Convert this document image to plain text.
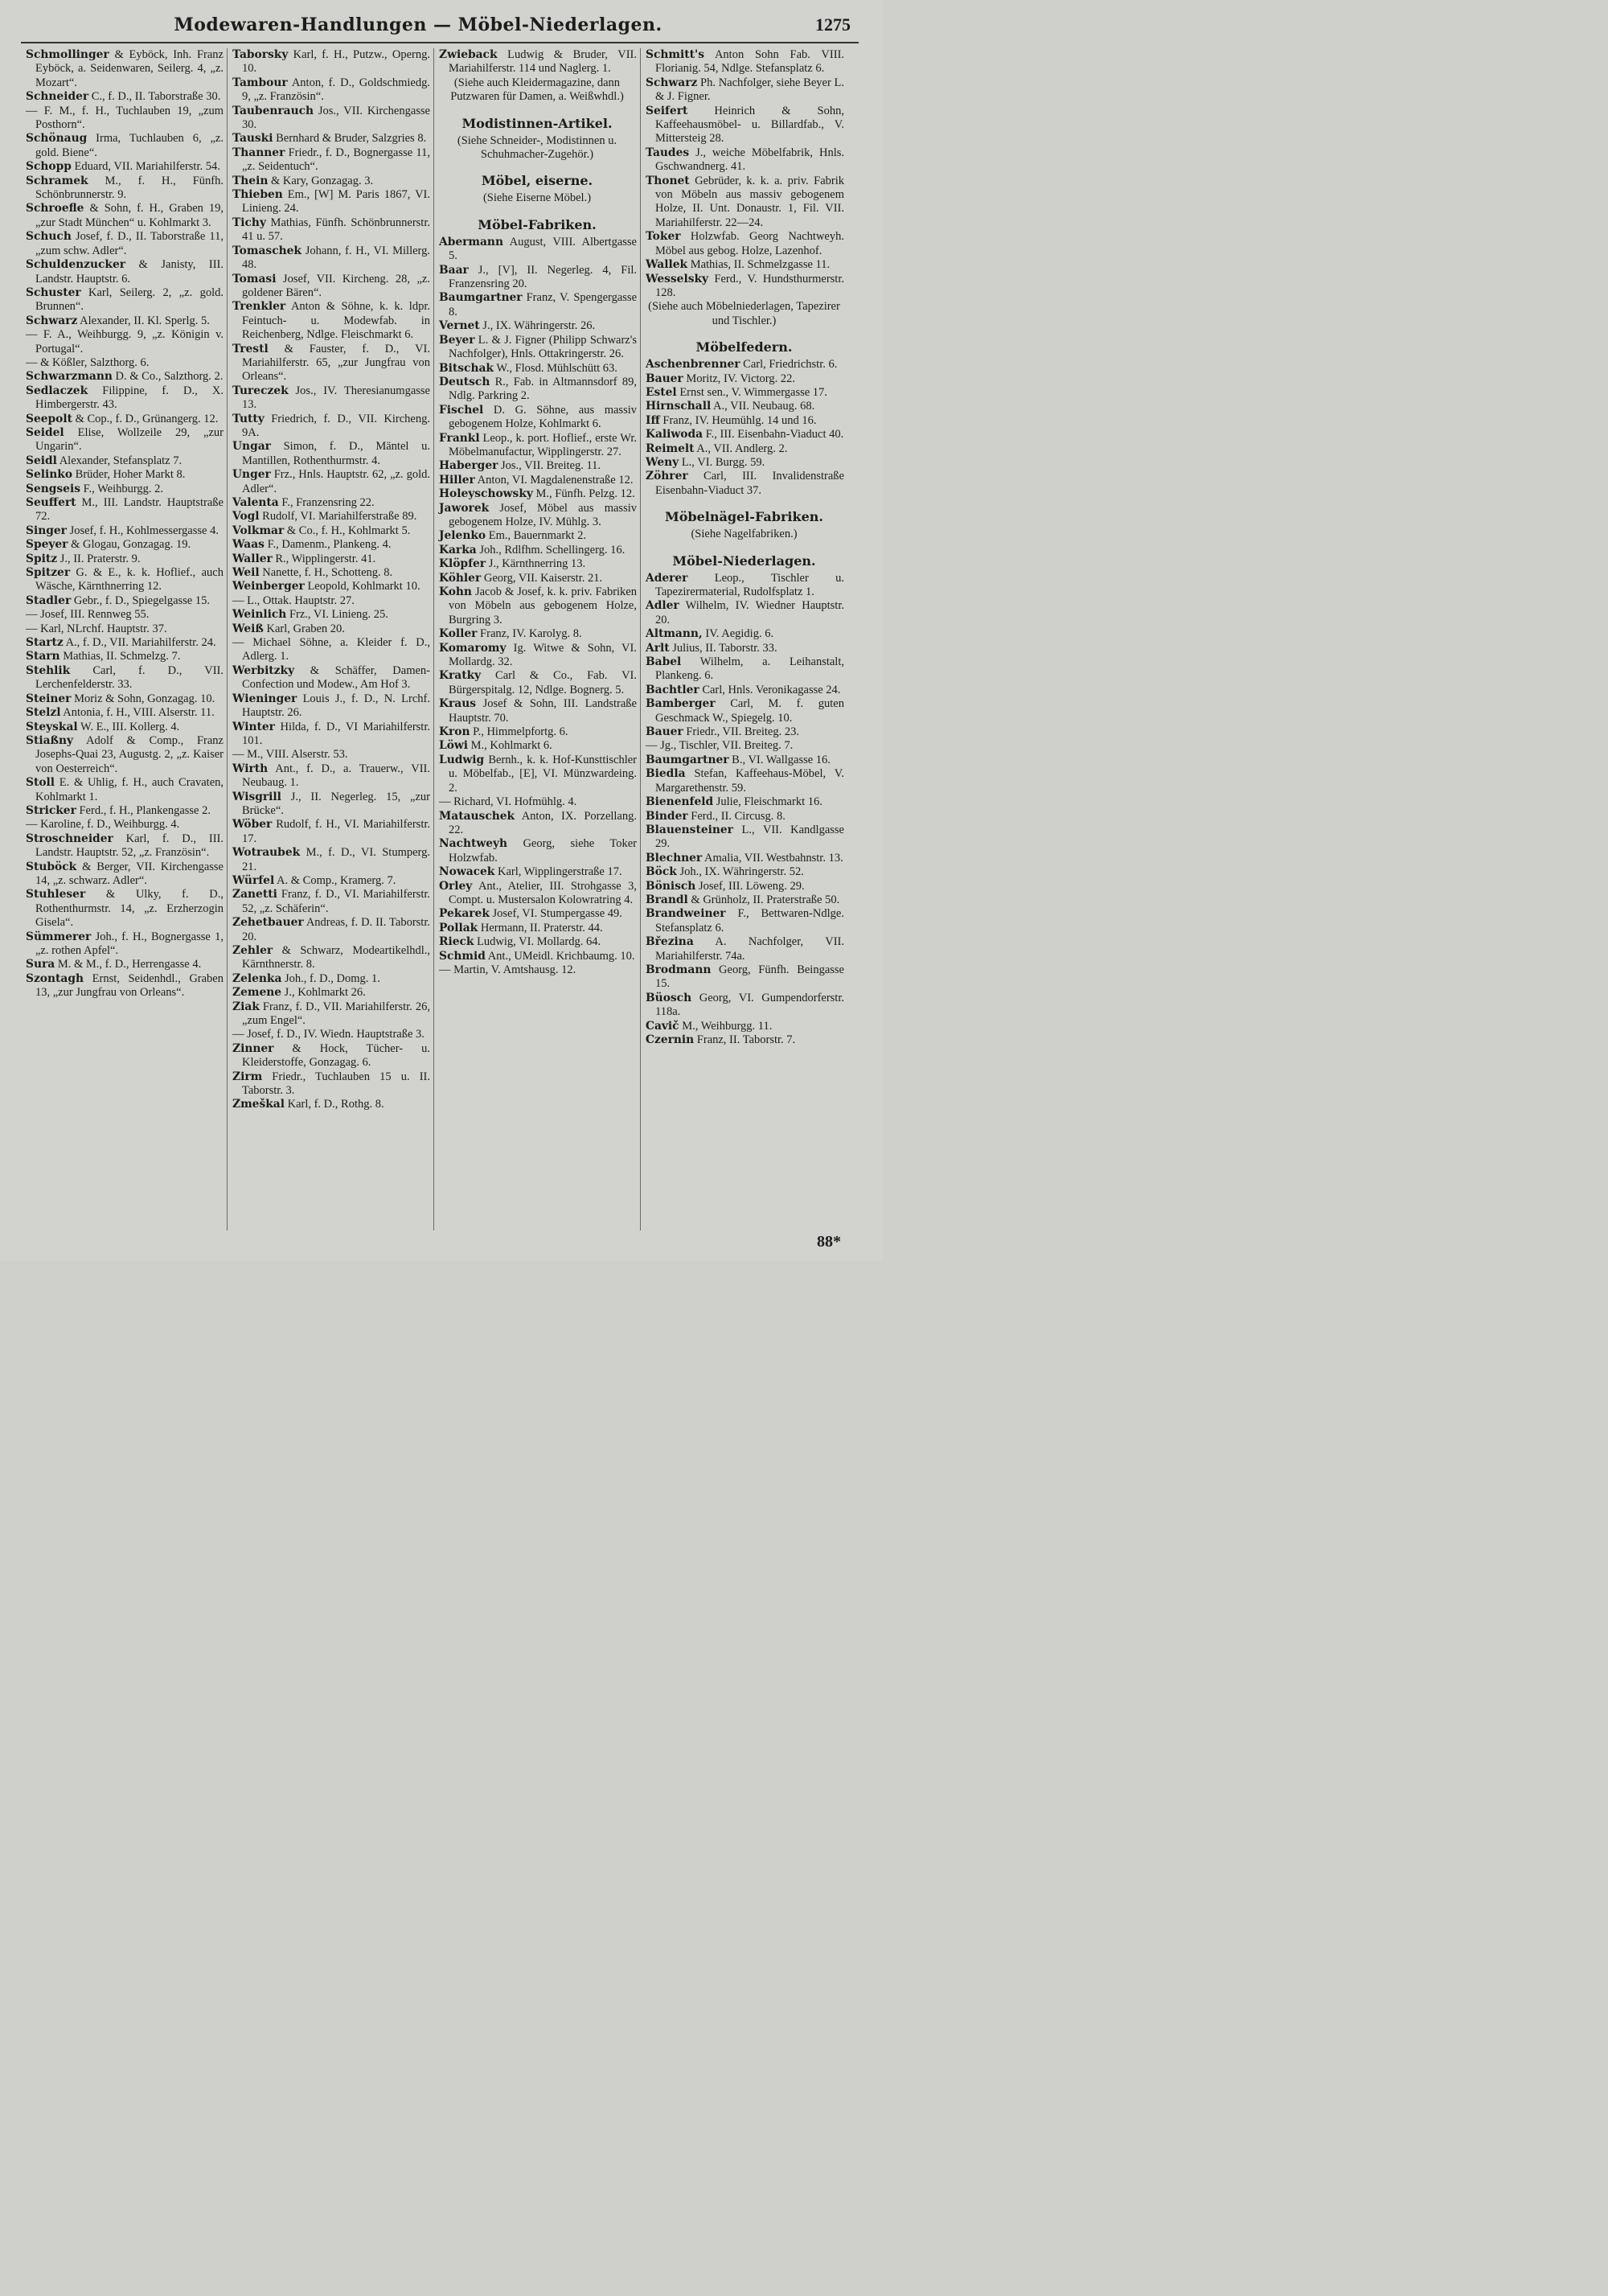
Modewaren-Handlungen — Möbel-Niederlagen.	1275

Schmollinger & Eyböck, Inh. Franz Eyböck, a. Seidenwaren, Seilerg. 4, „z. Mozart“.

Schneider C., f. D., II. Taborstraße 30.

— F. M., f. H., Tuchlauben 19, „zum Posthorn“.

Schönaug Irma, Tuchlauben 6, „z. gold. Biene“.

Schopp Eduard, VII. Mariahilferstr. 54.

Schramek M., f. H., Fünfh. Schönbrunnerstr. 9.

Schroefle & Sohn, f. H., Graben 19, „zur Stadt München“ u. Kohlmarkt 3.

Schuch Josef, f. D., II. Taborstraße 11, „zum schw. Adler“.

Schuldenzucker & Janisty, III. Landstr. Hauptstr. 6.

Schuster Karl, Seilerg. 2, „z. gold. Brunnen“.

Schwarz Alexander, II. Kl. Sperlg. 5.

— F. A., Weihburgg. 9, „z. Königin v. Portugal“.

— & Kößler, Salzthorg. 6.

Schwarzmann D. & Co., Salzthorg. 2.

Sedlaczek Filippine, f. D., X. Himbergerstr. 43.

Seepolt & Cop., f. D., Grünangerg. 12.

Seidel Elise, Wollzeile 29, „zur Ungarin“.

Seidl Alexander, Stefansplatz 7.

Selinko Brüder, Hoher Markt 8.

Sengseis F., Weihburgg. 2.

Seuffert M., III. Landstr. Hauptstraße 72.

Singer Josef, f. H., Kohlmessergasse 4.

Speyer & Glogau, Gonzagag. 19.

Spitz J., II. Praterstr. 9.

Spitzer G. & E., k. k. Hoflief., auch Wäsche, Kärnthnerring 12.

Stadler Gebr., f. D., Spiegelgasse 15.

— Josef, III. Rennweg 55.

— Karl, NLrchf. Hauptstr. 37.

Startz A., f. D., VII. Mariahilferstr. 24.

Starn Mathias, II. Schmelzg. 7.

Stehlik Carl, f. D., VII. Lerchenfelderstr. 33.

Steiner Moriz & Sohn, Gonzagag. 10.

Stelzl Antonia, f. H., VIII. Alserstr. 11.

Steyskal W. E., III. Kollerg. 4.

Stiaßny Adolf & Comp., Franz Josephs-Quai 23, Augustg. 2, „z. Kaiser von Oesterreich“.

Stoll E. & Uhlig, f. H., auch Cravaten, Kohlmarkt 1.

Stricker Ferd., f. H., Plankengasse 2.

— Karoline, f. D., Weihburgg. 4.

Stroschneider Karl, f. D., III. Landstr. Hauptstr. 52, „z. Französin“.

Stuböck & Berger, VII. Kirchengasse 14, „z. schwarz. Adler“.

Stuhleser & Ulky, f. D., Rothenthurmstr. 14, „z. Erzherzogin Gisela“.

Sümmerer Joh., f. H., Bognergasse 1, „z. rothen Apfel“.

Sura M. & M., f. D., Herrengasse 4.

Szontagh Ernst, Seidenhdl., Graben 13, „zur Jungfrau von Orleans“.

Taborsky Karl, f. H., Putzw., Operng. 10.

Tambour Anton, f. D., Goldschmiedg. 9, „z. Französin“.

Taubenrauch Jos., VII. Kirchengasse 30.

Tauski Bernhard & Bruder, Salzgries 8.

Thanner Friedr., f. D., Bognergasse 11, „z. Seidentuch“.

Thein & Kary, Gonzagag. 3.

Thieben Em., [W] M. Paris 1867, VI. Linieng. 24.

Tichy Mathias, Fünfh. Schönbrunnerstr. 41 u. 57.

Tomaschek Johann, f. H., VI. Millerg. 48.

Tomasi Josef, VII. Kircheng. 28, „z. goldener Bären“.

Trenkler Anton & Söhne, k. k. ldpr. Feintuch- u. Modewfab. in Reichenberg, Ndlge. Fleischmarkt 6.

Trestl & Fauster, f. D., VI. Mariahilferstr. 65, „zur Jungfrau von Orleans“.

Tureczek Jos., IV. Theresianumgasse 13.

Tutty Friedrich, f. D., VII. Kircheng. 9A.

Ungar Simon, f. D., Mäntel u. Mantillen, Rothenthurmstr. 4.

Unger Frz., Hnls. Hauptstr. 62, „z. gold. Adler“.

Valenta F., Franzensring 22.

Vogl Rudolf, VI. Mariahilferstraße 89.

Volkmar & Co., f. H., Kohlmarkt 5.

Waas F., Damenm., Plankeng. 4.

Waller R., Wipplingerstr. 41.

Weil Nanette, f. H., Schotteng. 8.

Weinberger Leopold, Kohlmarkt 10.

— L., Ottak. Hauptstr. 27.

Weinlich Frz., VI. Linieng. 25.

Weiß Karl, Graben 20.

— Michael Söhne, a. Kleider f. D., Adlerg. 1.

Werbitzky & Schäffer, Damen-Confection und Modew., Am Hof 3.

Wieninger Louis J., f. D., N. Lrchf. Hauptstr. 26.

Winter Hilda, f. D., VI Mariahilferstr. 101.

— M., VIII. Alserstr. 53.

Wirth Ant., f. D., a. Trauerw., VII. Neubaug. 1.

Wisgrill J., II. Negerleg. 15, „zur Brücke“.

Wöber Rudolf, f. H., VI. Mariahilferstr. 17.

Wotraubek M., f. D., VI. Stumperg. 21.

Würfel A. & Comp., Kramerg. 7.

Zanetti Franz, f. D., VI. Mariahilferstr. 52, „z. Schäferin“.

Zehetbauer Andreas, f. D. II. Taborstr. 20.

Zehler & Schwarz, Modeartikelhdl., Kärnthnerstr. 8.

Zelenka Joh., f. D., Domg. 1.

Zemene J., Kohlmarkt 26.

Ziak Franz, f. D., VII. Mariahilferstr. 26, „zum Engel“.

— Josef, f. D., IV. Wiedn. Hauptstraße 3.

Zinner & Hock, Tücher- u. Kleiderstoffe, Gonzagag. 6.

Zirm Friedr., Tuchlauben 15 u. II. Taborstr. 3.

Zmeškal Karl, f. D., Rothg. 8.

Zwieback Ludwig & Bruder, VII. Mariahilferstr. 114 und Naglerg. 1.

(Siehe auch Kleidermagazine, dann Putzwaren für Damen, a. Weißwhdl.)

Modistinnen-Artikel.

(Siehe Schneider-, Modistinnen u. Schuhmacher-Zugehör.)

Möbel, eiserne.

(Siehe Eiserne Möbel.)

Möbel-Fabriken.

Abermann August, VIII. Albertgasse 5.

Baar J., [V], II. Negerleg. 4, Fil. Franzensring 20.

Baumgartner Franz, V. Spengergasse 8.

Vernet J., IX. Währingerstr. 26.

Beyer L. & J. Figner (Philipp Schwarz's Nachfolger), Hnls. Ottakringerstr. 26.

Bitschak W., Flosd. Mühlschütt 63.

Deutsch R., Fab. in Altmannsdorf 89, Ndlg. Parkring 2.

Fischel D. G. Söhne, aus massiv gebogenem Holze, Kohlmarkt 6.

Frankl Leop., k. port. Hoflief., erste Wr. Möbelmanufactur, Wipplingerstr. 27.

Haberger Jos., VII. Breiteg. 11.

Hiller Anton, VI. Magdalenenstraße 12.

Holeyschowsky M., Fünfh. Pelzg. 12.

Jaworek Josef, Möbel aus massiv gebogenem Holze, IV. Mühlg. 3.

Jelenko Em., Bauernmarkt 2.

Karka Joh., Rdlfhm. Schellingerg. 16.

Klöpfer J., Kärnthnerring 13.

Köhler Georg, VII. Kaiserstr. 21.

Kohn Jacob & Josef, k. k. priv. Fabriken von Möbeln aus gebogenem Holze, Burgring 3.

Koller Franz, IV. Karolyg. 8.

Komaromy Ig. Witwe & Sohn, VI. Mollardg. 32.

Kratky Carl & Co., Fab. VI. Bürgerspitalg. 12, Ndlge. Bognerg. 5.

Kraus Josef & Sohn, III. Landstraße Hauptstr. 70.

Kron P., Himmelpfortg. 6.

Löwi M., Kohlmarkt 6.

Ludwig Bernh., k. k. Hof-Kunsttischler u. Möbelfab., [E], VI. Münzwardeing. 2.

— Richard, VI. Hofmühlg. 4.

Matauschek Anton, IX. Porzellang. 22.

Nachtweyh Georg, siehe Toker Holzwfab.

Nowacek Karl, Wipplingerstraße 17.

Orley Ant., Atelier, III. Strohgasse 3, Compt. u. Mustersalon Kolowratring 4.

Pekarek Josef, VI. Stumpergasse 49.

Pollak Hermann, II. Praterstr. 44.

Rieck Ludwig, VI. Mollardg. 64.

Schmid Ant., UMeidl. Krichbaumg. 10.

— Martin, V. Amtshausg. 12.

Schmitt's Anton Sohn Fab. VIII. Florianig. 54, Ndlge. Stefansplatz 6.

Schwarz Ph. Nachfolger, siehe Beyer L. & J. Figner.

Seifert Heinrich & Sohn, Kaffeehausmöbel- u. Billardfab., V. Mittersteig 28.

Taudes J., weiche Möbelfabrik, Hnls. Gschwandnerg. 41.

Thonet Gebrüder, k. k. a. priv. Fabrik von Möbeln aus massiv gebogenem Holze, II. Unt. Donaustr. 1, Fil. VII. Mariahilferstr. 22—24.

Toker Holzwfab. Georg Nachtweyh. Möbel aus gebog. Holze, Lazenhof.

Wallek Mathias, II. Schmelzgasse 11.

Wesselsky Ferd., V. Hundsthurmerstr. 128.

(Siehe auch Möbelniederlagen, Tapezirer und Tischler.)

Möbelfedern.

Aschenbrenner Carl, Friedrichstr. 6.

Bauer Moritz, IV. Victorg. 22.

Estel Ernst sen., V. Wimmergasse 17.

Hirnschall A., VII. Neubaug. 68.

Iff Franz, IV. Heumühlg. 14 und 16.

Kaliwoda F., III. Eisenbahn-Viaduct 40.

Reimelt A., VII. Andlerg. 2.

Weny L., VI. Burgg. 59.

Zöhrer Carl, III. Invalidenstraße Eisenbahn-Viaduct 37.

Möbelnägel-Fabriken.

(Siehe Nagelfabriken.)

Möbel-Niederlagen.

Aderer Leop., Tischler u. Tapezirermaterial, Rudolfsplatz 1.

Adler Wilhelm, IV. Wiedner Hauptstr. 20.

Altmann, IV. Aegidig. 6.

Arlt Julius, II. Taborstr. 33.

Babel Wilhelm, a. Leihanstalt, Plankeng. 6.

Bachtler Carl, Hnls. Veronikagasse 24.

Bamberger Carl, M. f. guten Geschmack W., Spiegelg. 10.

Bauer Friedr., VII. Breiteg. 23.

— Jg., Tischler, VII. Breiteg. 7.

Baumgartner B., VI. Wallgasse 16.

Biedla Stefan, Kaffeehaus-Möbel, V. Margarethenstr. 59.

Bienenfeld Julie, Fleischmarkt 16.

Binder Ferd., II. Circusg. 8.

Blauensteiner L., VII. Kandlgasse 29.

Blechner Amalia, VII. Westbahnstr. 13.

Böck Joh., IX. Währingerstr. 52.

Bönisch Josef, III. Löweng. 29.

Brandl & Grünholz, II. Praterstraße 50.

Brandweiner F., Bettwaren-Ndlge. Stefansplatz 6.

Březina A. Nachfolger, VII. Mariahilferstr. 74a.

Brodmann Georg, Fünfh. Beingasse 15.

Büosch Georg, VI. Gumpendorferstr. 118a.

Cavič M., Weihburgg. 11.

Czernin Franz, II. Taborstr. 7.

88*
